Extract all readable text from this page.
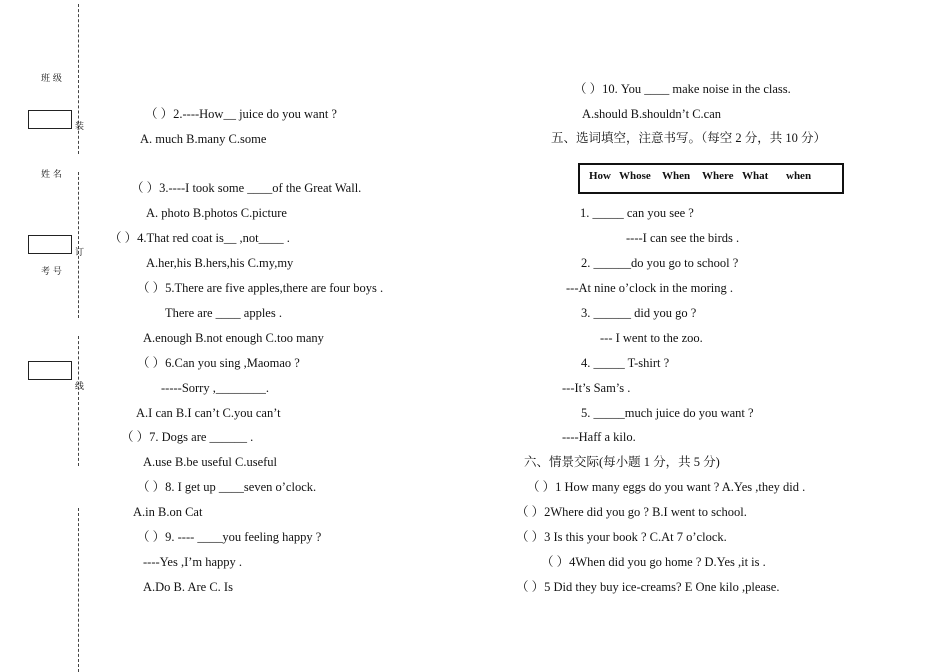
班 级
姓 名
考 号
装
订
线
（ ）2.----How__ juice do you want ?
A. much B.many C.some
（ ）3.----I took some ____of the Great Wall.
A. photo B.photos C.picture
（ ）4.That red coat is__ ,not____ .
A.her,his B.hers,his C.my,my
（ ）5.There are five apples,there are four boys .
There are ____ apples .
A.enough B.not enough C.too many
（ ）6.Can you sing ,Maomao ?
-----Sorry ,________.
A.I can B.I can’t C.you can’t
（ ）7. Dogs are ______ .
A.use B.be useful C.useful
（ ）8. I get up ____seven o’clock.
A.in B.on Cat
（ ）9. ---- ____you feeling happy ?
----Yes ,I’m happy .
A.Do B. Are C. Is
（ ）10. You ____ make noise in the class.
A.should B.shouldn’t C.can
五、选词填空，注意书写。（每空 2 分，共 10 分）
How Whose When Where What when
1. _____ can you see ?
----I can see the birds .
2. ______do you go to school ?
---At nine o’clock in the moring .
3. ______ did you go ?
--- I went to the zoo.
4. _____ T-shirt ?
---It’s Sam’s .
5. _____much juice do you want ?
----Haff a kilo.
六、情景交际(每小题 1 分，共 5 分)
（ ）1 How many eggs do you want ? A.Yes ,they did .
（ ）2Where did you go ? B.I went to school.
（ ）3 Is this your book ? C.At 7 o’clock.
（ ）4When did you go home ? D.Yes ,it is .
（ ）5 Did they buy ice-creams? E One kilo ,please.
